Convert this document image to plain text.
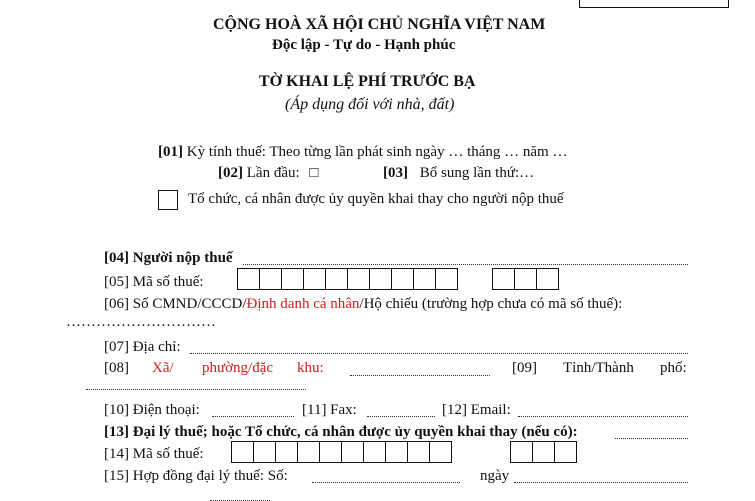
CỘNG HOÀ XÃ HỘI CHỦ NGHĨA VIỆT NAM
Độc lập - Tự do - Hạnh phúc
TỜ KHAI LỆ PHÍ TRƯỚC BẠ
(Áp dụng đối với nhà, đất)
[01] Kỳ tính thuế: Theo từng lần phát sinh ngày … tháng … năm …
[02] Lần đầu: □	[03] Bổ sung lần thứ:…
Tổ chức, cá nhân được ủy quyền khai thay cho người nộp thuế
[04] Người nộp thuế
[05] Mã số thuế:
[06] Số CMND/CCCD/Định danh cá nhân/Hộ chiếu (trường hợp chưa có mã số thuế):
…………………………
[07] Địa chỉ:
[08] Xã/ phường/đặc khu:	[09] Tỉnh/Thành phố:
[10] Điện thoại:	[11] Fax:	[12] Email:
[13] Đại lý thuế; hoặc Tổ chức, cá nhân được ủy quyền khai thay (nếu có):
[14] Mã số thuế:
[15] Hợp đồng đại lý thuế: Số:	ngày
